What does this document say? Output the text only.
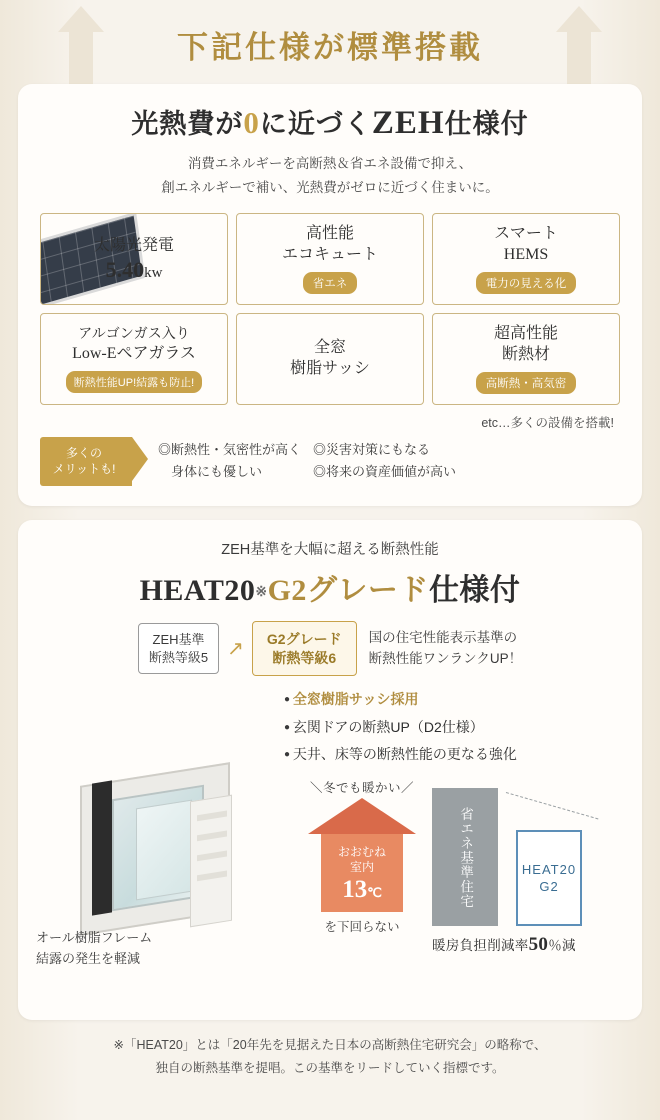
下記仕様が標準搭載
光熱費が0に近づくZEH仕様付
消費エネルギーを高断熱＆省エネ設備で抑え、
創エネルギーで補い、光熱費がゼロに近づく住まいに。
太陽光発電
5.40kw
高性能
エコキュート
省エネ
スマート
HEMS
電力の見える化
アルゴンガス入り
Low-Eペアガラス
断熱性能UP!結露も防止!
全窓
樹脂サッシ
超高性能
断熱材
高断熱・高気密
etc…多くの設備を搭載!
多くの
メリットも!
◎断熱性・気密性が高く
　身体にも優しい
◎災害対策にもなる
◎将来の資産価値が高い
ZEH基準を大幅に超える断熱性能
HEAT20※G2グレード仕様付
ZEH基準
断熱等級5 ↗ G2グレード
断熱等級6
国の住宅性能表示基準の
断熱性能ワンランクUP！
● 全窓樹脂サッシ採用
● 玄関ドアの断熱UP（D2仕様）
● 天井、床等の断熱性能の更なる強化
オール樹脂フレーム
結露の発生を軽減
＼冬でも暖かい／
おおむね
室内
13℃
を下回らない
省エネ基準住宅	HEAT20
G2
暖房負担削減率50％減
※「HEAT20」とは「20年先を見据えた日本の高断熱住宅研究会」の略称で、
独自の断熱基準を提唱。この基準をリードしていく指標です。
